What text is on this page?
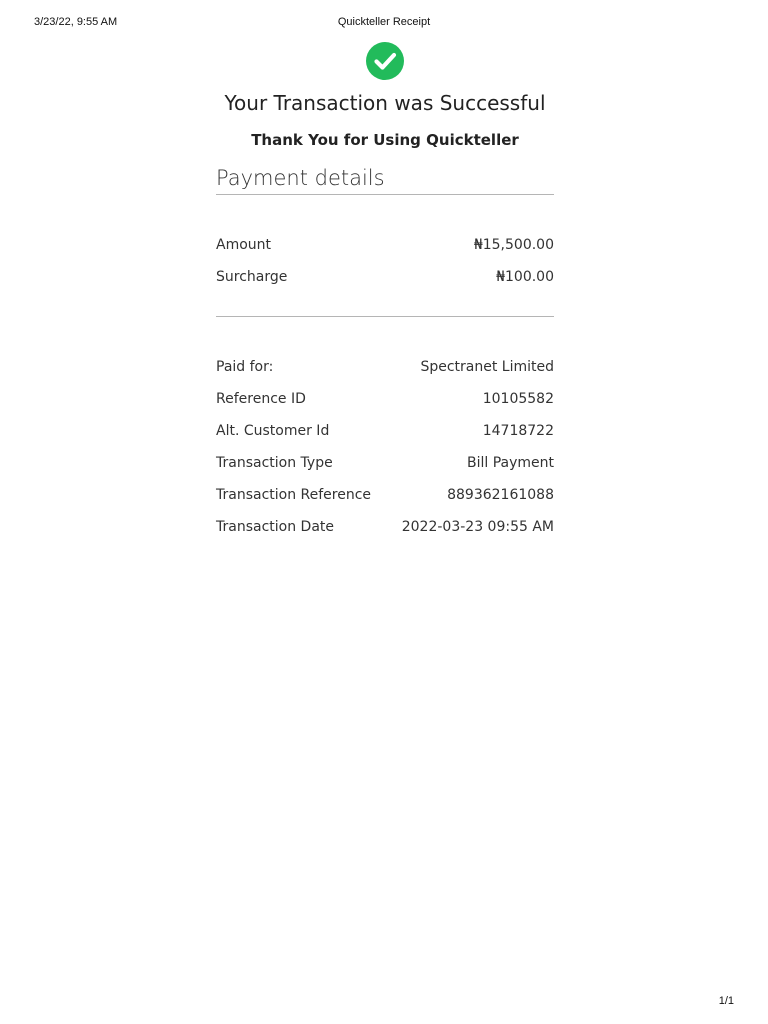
3/23/22, 9:55 AM	Quickteller Receipt
Your Transaction was Successful
Thank You for Using Quickteller
Payment details
Amount	₦15,500.00
Surcharge	₦100.00
Paid for:	Spectranet Limited
Reference ID	10105582
Alt. Customer Id	14718722
Transaction Type	Bill Payment
Transaction Reference	889362161088
Transaction Date	2022-03-23 09:55 AM
1/1
